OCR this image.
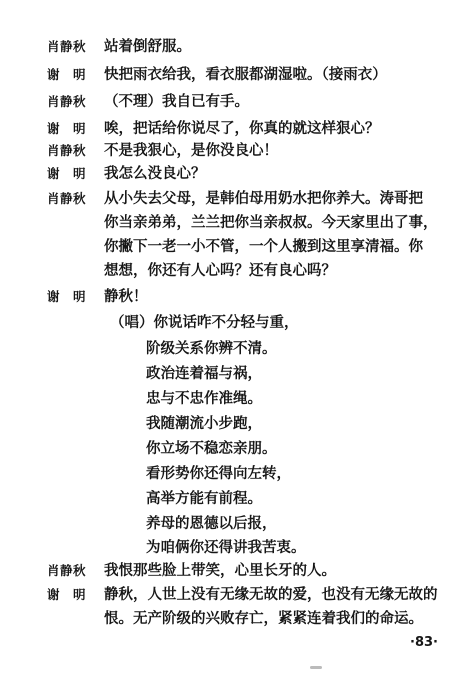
肖静秋 站着倒舒服。
谢　明 快把雨衣给我，看衣服都湖湿啦。（接雨衣）
肖静秋 （不理）我自已有手。
谢　明 唉，把话给你说尽了，你真的就这样狠心？
肖静秋 不是我狠心，是你没良心！
谢　明 我怎么没良心？
肖静秋 从小失去父母，是韩伯母用奶水把你养大。涛哥把
你当亲弟弟，兰兰把你当亲叔叔。今天家里出了事，
你撇下一老一小不管，一个人搬到这里享清福。你
想想，你还有人心吗？还有良心吗？
谢　明 静秋！
（唱）你说话咋不分轻与重，
阶级关系你辨不清。
政治连着福与祸，
忠与不忠作准绳。
我随潮流小步跑，
你立场不稳恋亲朋。
看形势你还得向左转，
高举方能有前程。
养母的恩德以后报，
为咱俩你还得讲我苦衷。
肖静秋 我恨那些脸上带笑，心里长牙的人。
谢　明 静秋，人世上没有无缘无故的爱，也没有无缘无故的
恨。无产阶级的兴败存亡，紧紧连着我们的命运。
·83·
